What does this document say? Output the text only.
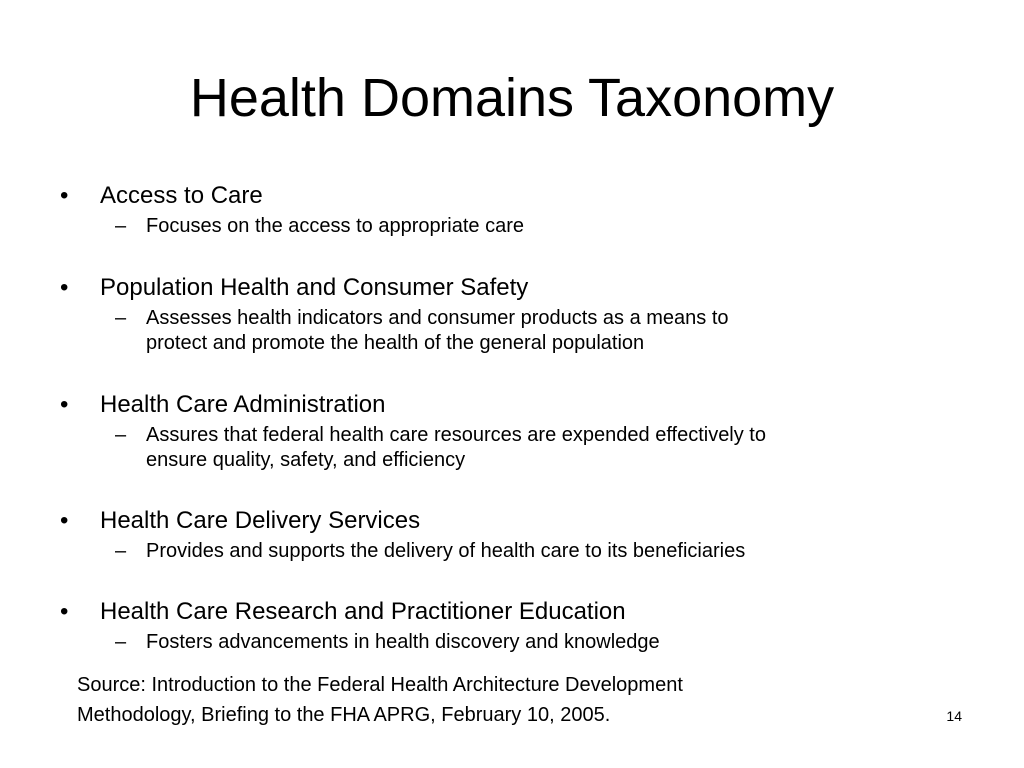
Health Domains Taxonomy
•	Access to Care
– Focuses on the access to appropriate care
•	Population Health and Consumer Safety
– Assesses health indicators and consumer products as a means to
protect and promote the health of the general population
•	Health Care Administration
– Assures that federal health care resources are expended effectively to
ensure quality, safety, and efficiency
•	Health Care Delivery Services
– Provides and supports the delivery of health care to its beneficiaries
•	Health Care Research and Practitioner Education
– Fosters advancements in health discovery and knowledge
Source: Introduction to the Federal Health Architecture Development
Methodology, Briefing to the FHA APRG, February 10, 2005.	14
